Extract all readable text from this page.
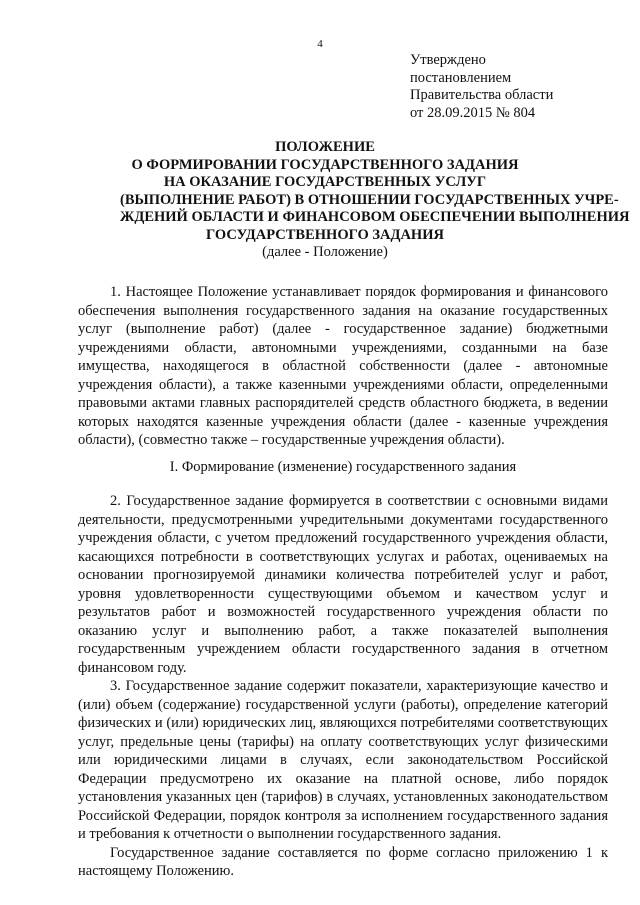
4
Утверждено
постановлением
Правительства области
от 28.09.2015 № 804
ПОЛОЖЕНИЕ
О ФОРМИРОВАНИИ ГОСУДАРСТВЕННОГО ЗАДАНИЯ
НА ОКАЗАНИЕ ГОСУДАРСТВЕННЫХ УСЛУГ
(ВЫПОЛНЕНИЕ РАБОТ) В ОТНОШЕНИИ ГОСУДАРСТВЕННЫХ УЧРЕ-
ЖДЕНИЙ ОБЛАСТИ И ФИНАНСОВОМ ОБЕСПЕЧЕНИИ ВЫПОЛНЕНИЯ
ГОСУДАРСТВЕННОГО ЗАДАНИЯ
(далее - Положение)

1. Настоящее Положение устанавливает порядок формирования и финансового обеспечения выполнения государственного задания на оказание государственных услуг (выполнение работ) (далее - государственное задание) бюджетными учреждениями области, автономными учреждениями, созданными на базе имущества, находящегося в областной собственности (далее - автономные учреждения области), а также казенными учреждениями области, определенными правовыми актами главных распорядителей средств областного бюджета, в ведении которых находятся казенные учреждения области (далее - казенные учреждения области), (совместно также – государственные учреждения области).

I. Формирование (изменение) государственного задания

2. Государственное задание формируется в соответствии с основными видами деятельности, предусмотренными учредительными документами государственного учреждения области, с учетом предложений государственного учреждения области, касающихся потребности в соответствующих услугах и работах, оцениваемых на основании прогнозируемой динамики количества потребителей услуг и работ, уровня удовлетворенности существующими объемом и качеством услуг и результатов работ и возможностей государственного учреждения области по оказанию услуг и выполнению работ, а также показателей выполнения государственным учреждением области государственного задания в отчетном финансовом году.

3. Государственное задание содержит показатели, характеризующие качество и (или) объем (содержание) государственной услуги (работы), определение категорий физических и (или) юридических лиц, являющихся потребителями соответствующих услуг, предельные цены (тарифы) на оплату соответствующих услуг физическими или юридическими лицами в случаях, если законодательством Российской Федерации предусмотрено их оказание на платной основе, либо порядок установления указанных цен (тарифов) в случаях, установленных законодательством Российской Федерации, порядок контроля за исполнением государственного задания и требования к отчетности о выполнении государственного задания.

Государственное задание составляется по форме согласно приложению 1 к настоящему Положению.
